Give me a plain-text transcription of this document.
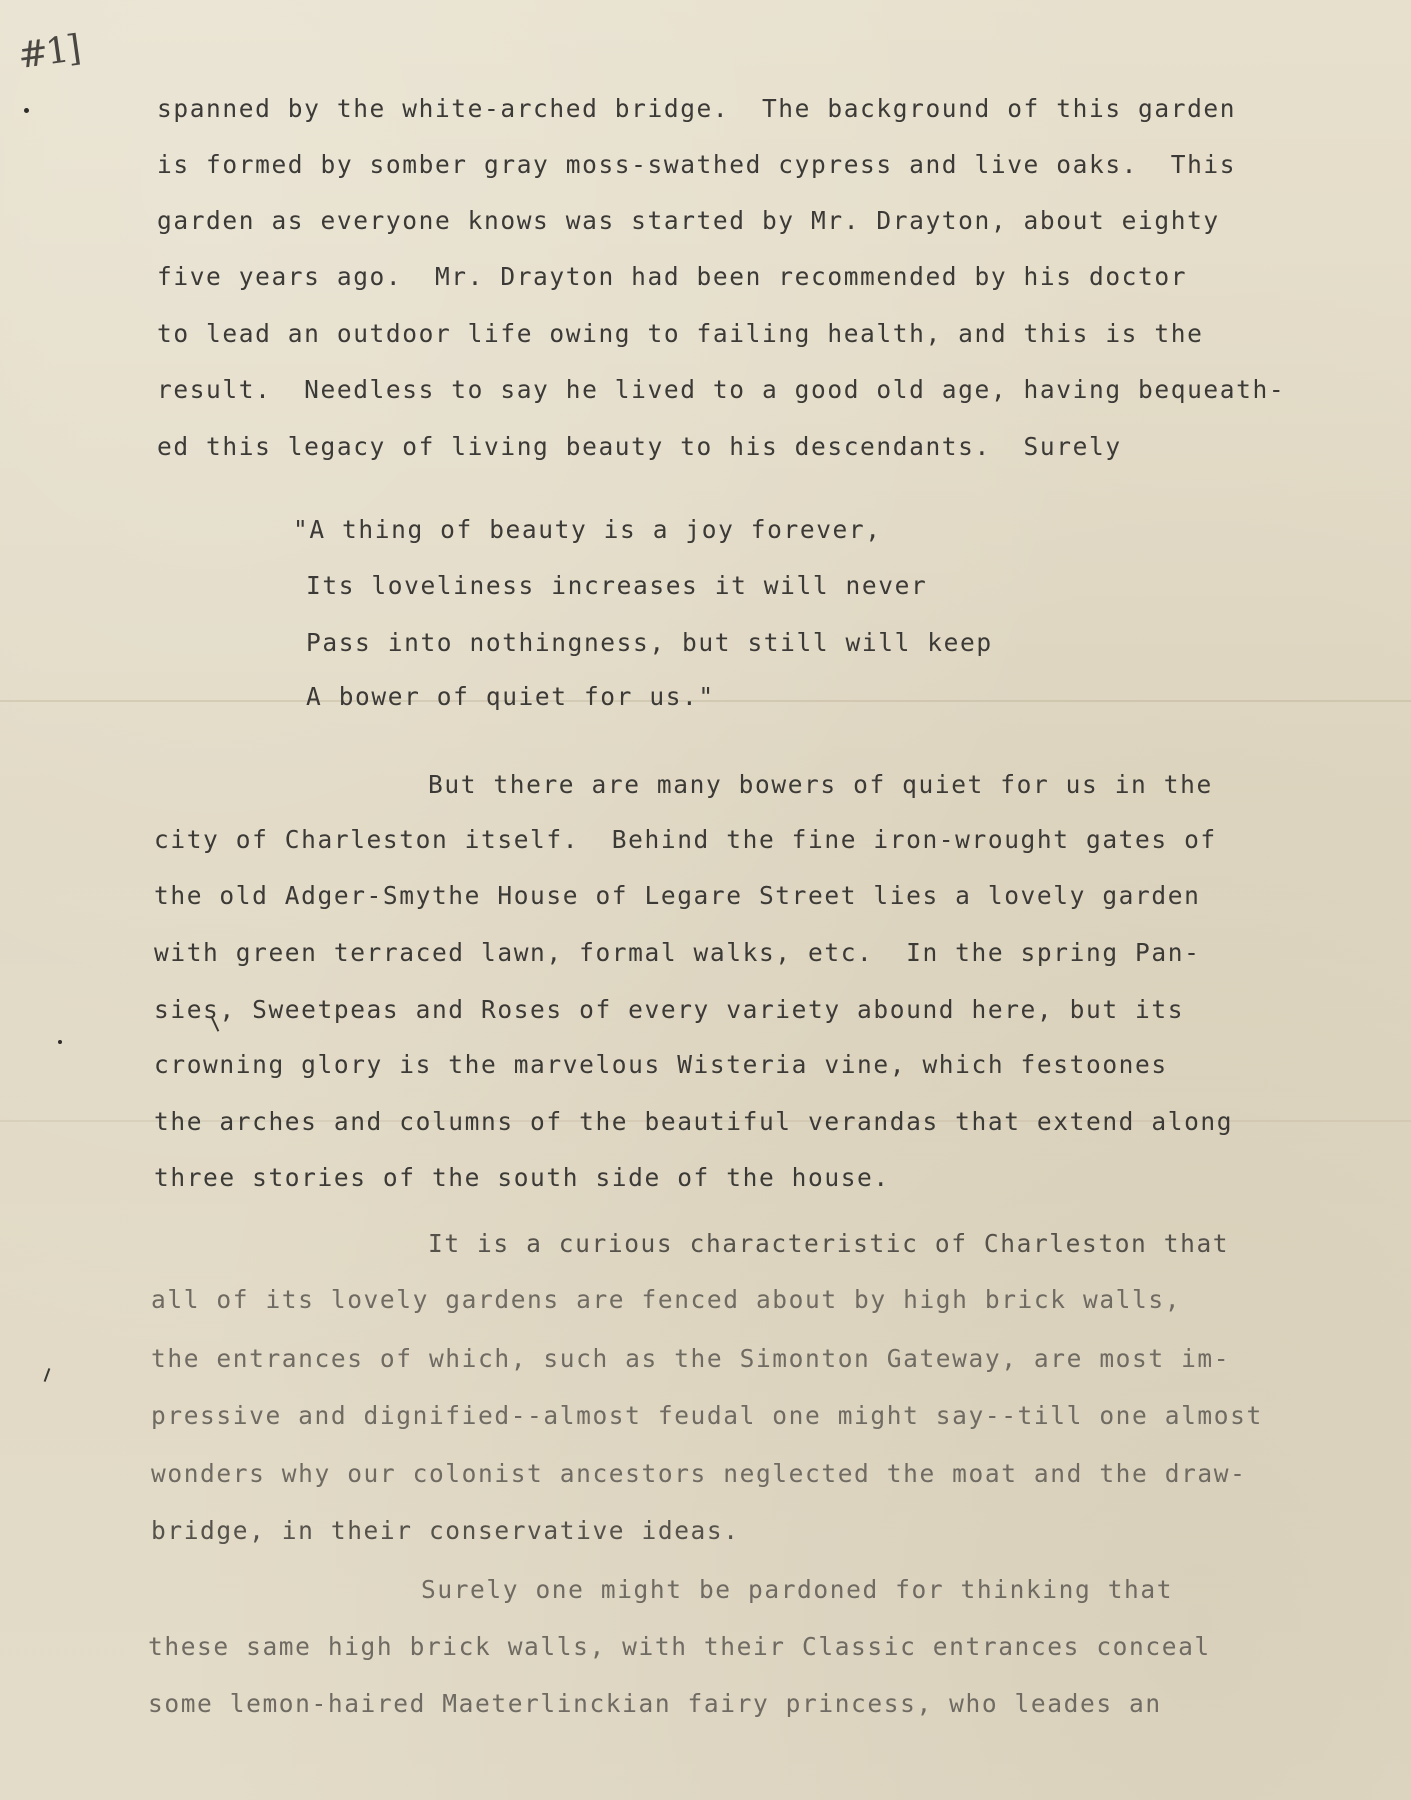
#1]
spanned by the white-arched bridge.  The background of this garden
is formed by somber gray moss-swathed cypress and live oaks.  This
garden as everyone knows was started by Mr. Drayton, about eighty
five years ago.  Mr. Drayton had been recommended by his doctor
to lead an outdoor life owing to failing health, and this is the
result.  Needless to say he lived to a good old age, having bequeath-
ed this legacy of living beauty to his descendants.  Surely
"A thing of beauty is a joy forever,
Its loveliness increases it will never
Pass into nothingness, but still will keep
A bower of quiet for us."
But there are many bowers of quiet for us in the
city of Charleston itself.  Behind the fine iron-wrought gates of
the old Adger-Smythe House of Legare Street lies a lovely garden
with green terraced lawn, formal walks, etc.  In the spring Pan-
sies, Sweetpeas and Roses of every variety abound here, but its
crowning glory is the marvelous Wisteria vine, which festoones
the arches and columns of the beautiful verandas that extend along
three stories of the south side of the house.
It is a curious characteristic of Charleston that
all of its lovely gardens are fenced about by high brick walls,
the entrances of which, such as the Simonton Gateway, are most im-
pressive and dignified--almost feudal one might say--till one almost
wonders why our colonist ancestors neglected the moat and the draw-
bridge, in their conservative ideas.
Surely one might be pardoned for thinking that
these same high brick walls, with their Classic entrances conceal
some lemon-haired Maeterlinckian fairy princess, who leades an
